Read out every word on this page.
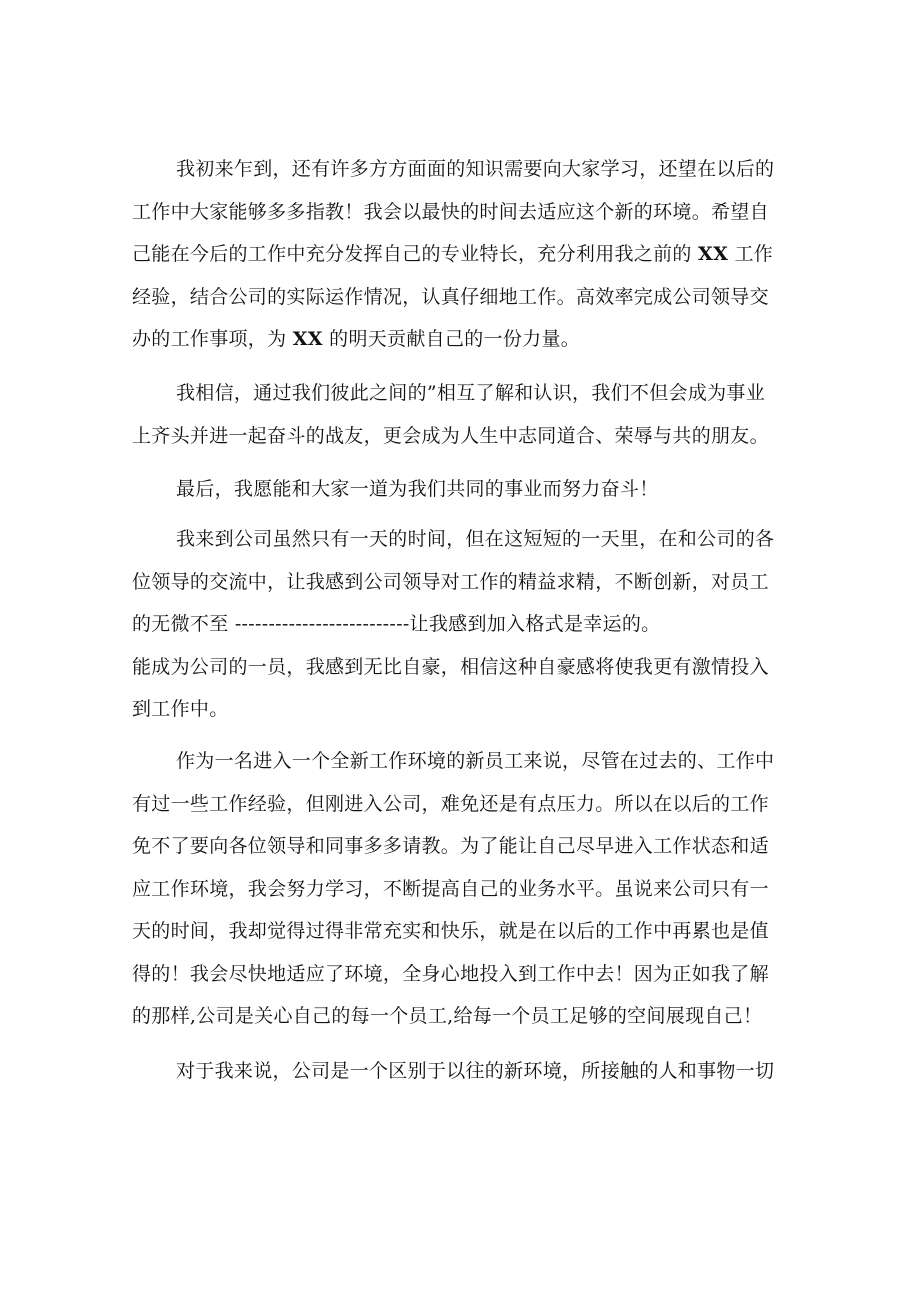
我初来乍到，还有许多方方面面的知识需要向大家学习，还望在以后的
工作中大家能够多多指教！我会以最快的时间去适应这个新的环境。希望自
己能在今后的工作中充分发挥自己的专业特长，充分利用我之前的 XX 工作
经验，结合公司的实际运作情况，认真仔细地工作。高效率完成公司领导交
办的工作事项，为 XX 的明天贡献自己的一份力量。

我相信，通过我们彼此之间的”相互了解和认识，我们不但会成为事业
上齐头并进一起奋斗的战友，更会成为人生中志同道合、荣辱与共的朋友。

最后，我愿能和大家一道为我们共同的事业而努力奋斗！

我来到公司虽然只有一天的时间，但在这短短的一天里，在和公司的各
位领导的交流中，让我感到公司领导对工作的精益求精，不断创新，对员工
的无微不至 --------------------------让我感到加入格式是幸运的。
能成为公司的一员，我感到无比自豪，相信这种自豪感将使我更有激情投入
到工作中。

作为一名进入一个全新工作环境的新员工来说，尽管在过去的、工作中
有过一些工作经验，但刚进入公司，难免还是有点压力。所以在以后的工作
免不了要向各位领导和同事多多请教。为了能让自己尽早进入工作状态和适
应工作环境，我会努力学习，不断提高自己的业务水平。虽说来公司只有一
天的时间，我却觉得过得非常充实和快乐，就是在以后的工作中再累也是值
得的！我会尽快地适应了环境，全身心地投入到工作中去！因为正如我了解
的那样,公司是关心自己的每一个员工,给每一个员工足够的空间展现自己！

对于我来说，公司是一个区别于以往的新环境，所接触的人和事物一切
